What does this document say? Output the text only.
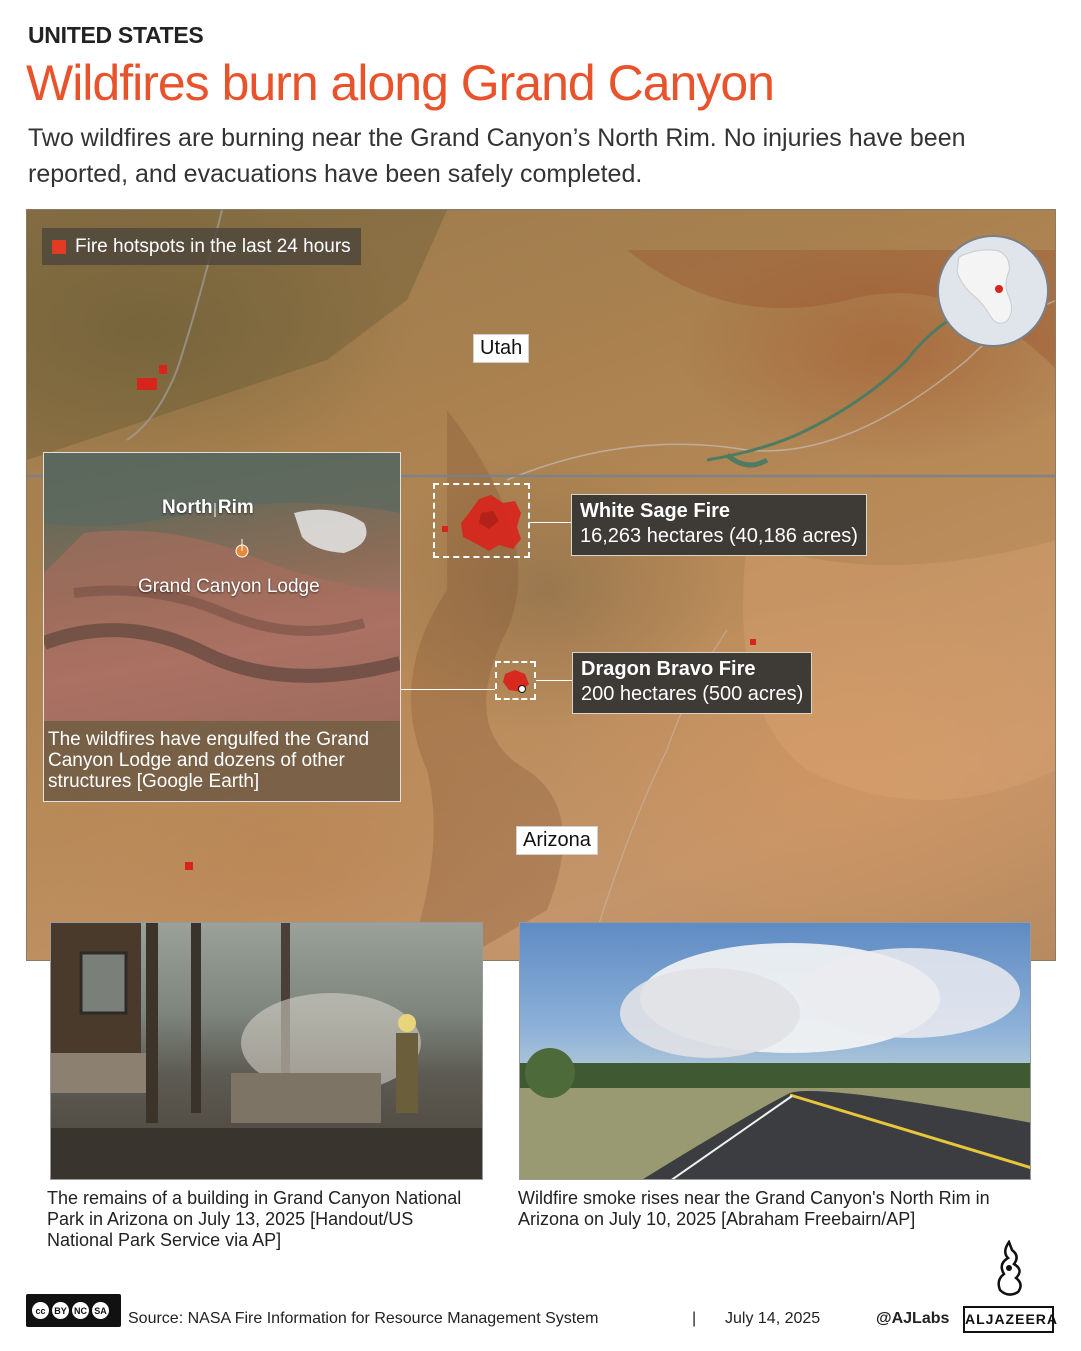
UNITED STATES
Wildfires burn along Grand Canyon
Two wildfires are burning near the Grand Canyon’s North Rim. No injuries have been reported, and evacuations have been safely completed.
Fire hotspots in the last 24 hours
Utah
Arizona
White Sage Fire
16,263 hectares (40,186 acres)
Dragon Bravo Fire
200 hectares (500 acres)
North Rim
Grand Canyon Lodge
The wildfires have engulfed the Grand Canyon Lodge and dozens of other structures [Google Earth]
The remains of a building in Grand Canyon National Park in Arizona on July 13, 2025 [Handout/US National Park Service via AP]
Wildfire smoke rises near the Grand Canyon's North Rim in Arizona on July 10, 2025 [Abraham Freebairn/AP]
ALJAZEERA
cc BY NC SA Source: NASA Fire Information for Resource Management System	| July 14, 2025	@AJLabs
